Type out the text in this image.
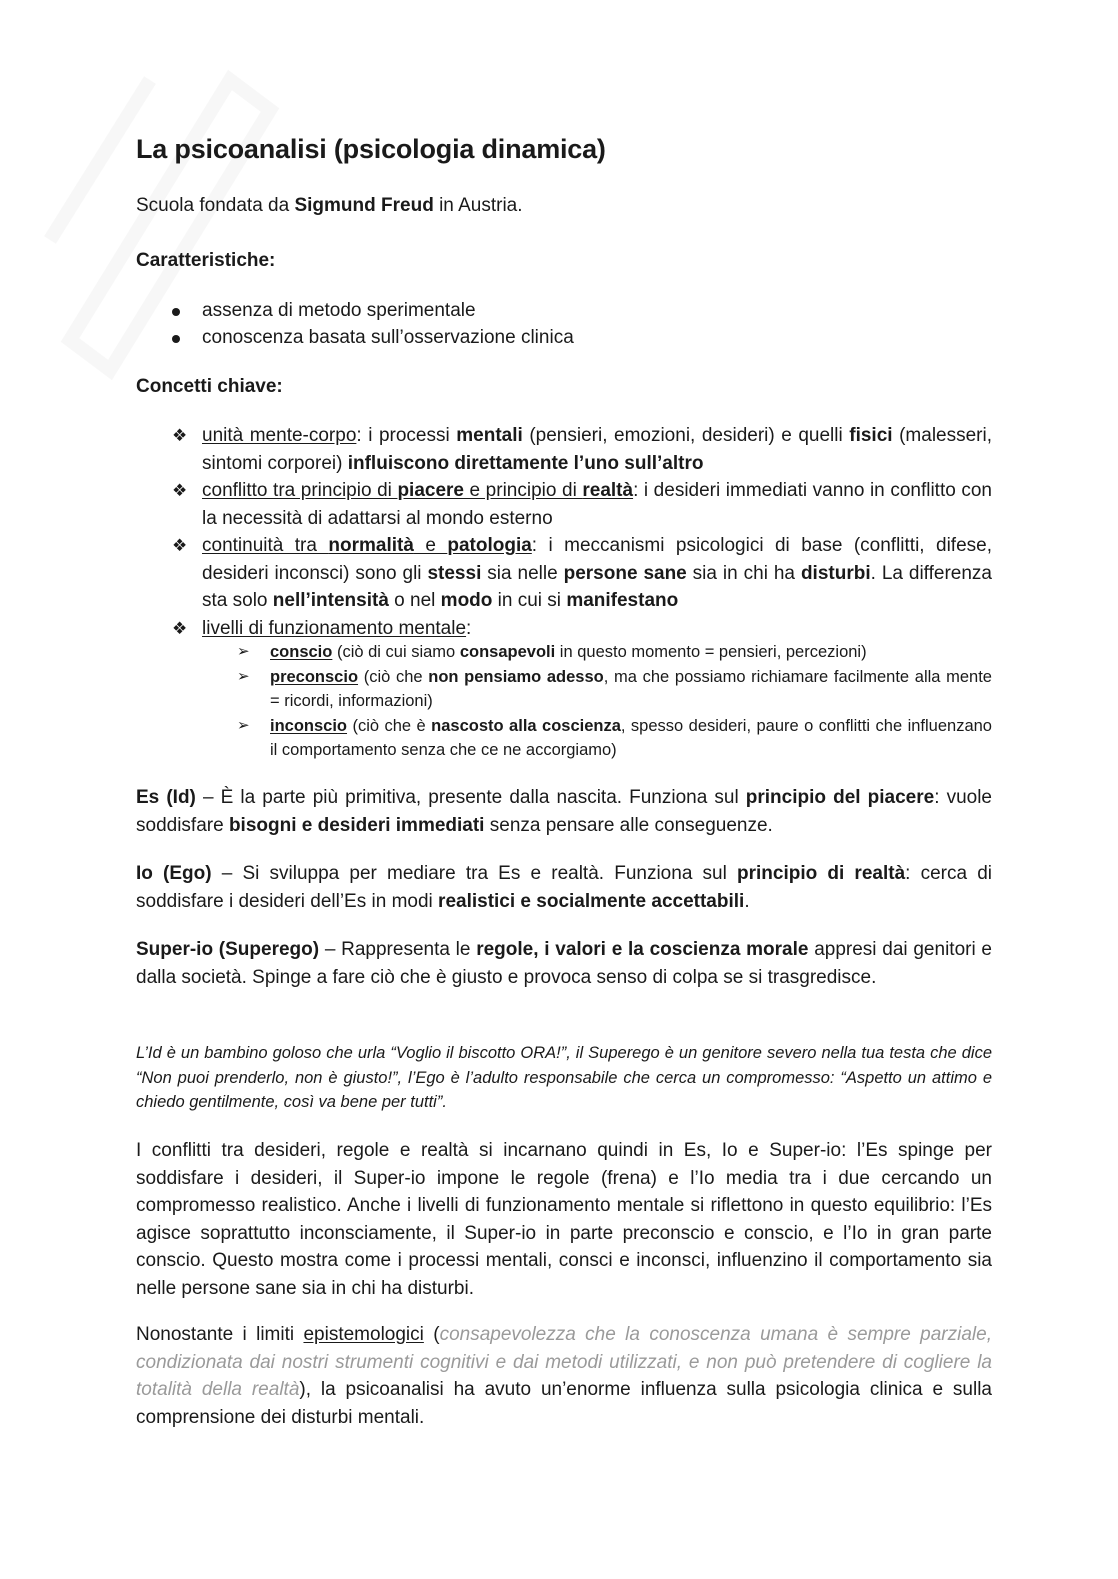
La psicoanalisi (psicologia dinamica)

Scuola fondata da Sigmund Freud in Austria.

Caratteristiche:

assenza di metodo sperimentale
conoscenza basata sull’osservazione clinica

Concetti chiave:

❖ unità mente-corpo: i processi mentali (pensieri, emozioni, desideri) e quelli fisici (malesseri, sintomi corporei) influiscono direttamente l’uno sull’altro
❖ conflitto tra principio di piacere e principio di realtà: i desideri immediati vanno in conflitto con la necessità di adattarsi al mondo esterno
❖ continuità tra normalità e patologia: i meccanismi psicologici di base (conflitti, difese, desideri inconsci) sono gli stessi sia nelle persone sane sia in chi ha disturbi. La differenza sta solo nell’intensità o nel modo in cui si manifestano
❖ livelli di funzionamento mentale:
➢ conscio (ciò di cui siamo consapevoli in questo momento = pensieri, percezioni)
➢ preconscio (ciò che non pensiamo adesso, ma che possiamo richiamare facilmente alla mente = ricordi, informazioni)
➢ inconscio (ciò che è nascosto alla coscienza, spesso desideri, paure o conflitti che influenzano il comportamento senza che ce ne accorgiamo)

Es (Id) – È la parte più primitiva, presente dalla nascita. Funziona sul principio del piacere: vuole soddisfare bisogni e desideri immediati senza pensare alle conseguenze.

Io (Ego) – Si sviluppa per mediare tra Es e realtà. Funziona sul principio di realtà: cerca di soddisfare i desideri dell’Es in modi realistici e socialmente accettabili.

Super-io (Superego) – Rappresenta le regole, i valori e la coscienza morale appresi dai genitori e dalla società. Spinge a fare ciò che è giusto e provoca senso di colpa se si trasgredisce.

L’Id è un bambino goloso che urla “Voglio il biscotto ORA!”, il Superego è un genitore severo nella tua testa che dice “Non puoi prenderlo, non è giusto!”, l’Ego è l’adulto responsabile che cerca un compromesso: “Aspetto un attimo e chiedo gentilmente, così va bene per tutti”.

I conflitti tra desideri, regole e realtà si incarnano quindi in Es, Io e Super-io: l’Es spinge per soddisfare i desideri, il Super-io impone le regole (frena) e l’Io media tra i due cercando un compromesso realistico. Anche i livelli di funzionamento mentale si riflettono in questo equilibrio: l’Es agisce soprattutto inconsciamente, il Super-io in parte preconscio e conscio, e l’Io in gran parte conscio. Questo mostra come i processi mentali, consci e inconsci, influenzino il comportamento sia nelle persone sane sia in chi ha disturbi.

Nonostante i limiti epistemologici (consapevolezza che la conoscenza umana è sempre parziale, condizionata dai nostri strumenti cognitivi e dai metodi utilizzati, e non può pretendere di cogliere la totalità della realtà), la psicoanalisi ha avuto un’enorme influenza sulla psicologia clinica e sulla comprensione dei disturbi mentali.
